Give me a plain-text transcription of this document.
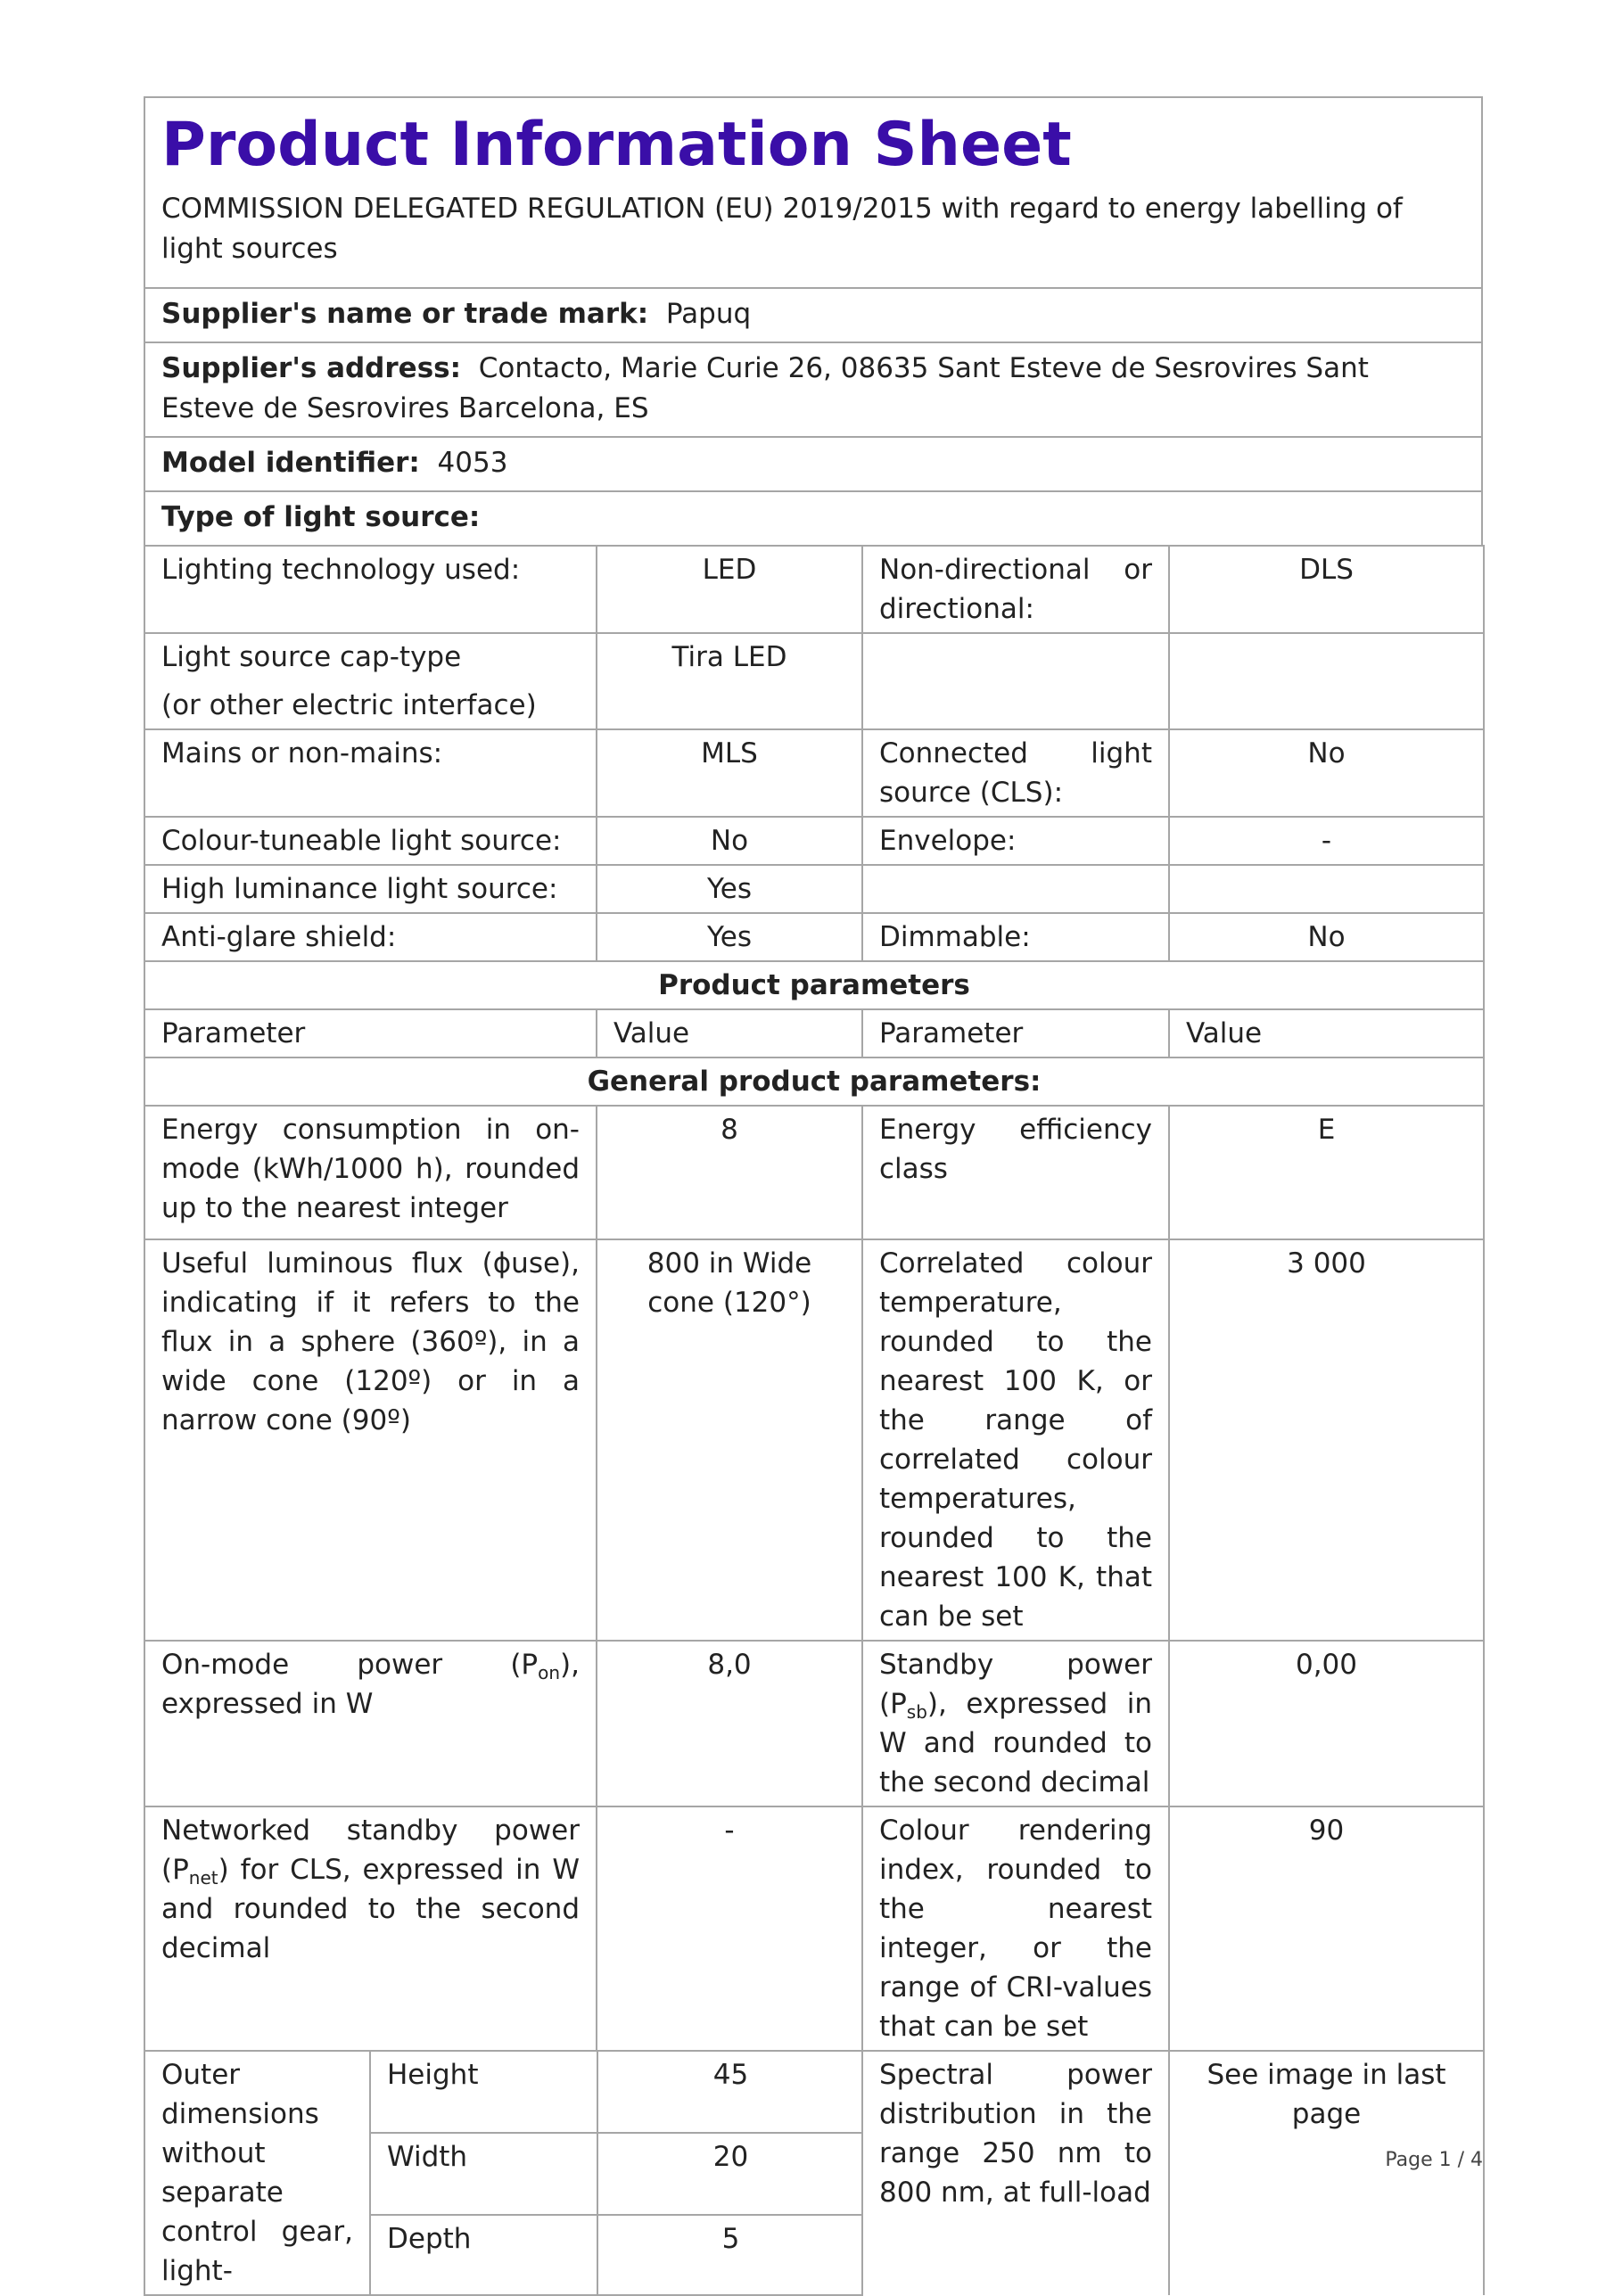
Product Information Sheet
COMMISSION DELEGATED REGULATION (EU) 2019/2015 with regard to energy labelling of light sources
Supplier's name or trade mark: Papuq
Supplier's address: Contacto, Marie Curie 26, 08635 Sant Esteve de Sesrovires Sant Esteve de Sesrovires Barcelona, ES
Model identifier: 4053
Type of light source:
Lighting technology used:	LED	Non-directional or directional:	DLS

Light source cap-type
(or other electric interface)
	Tira LED		
Mains or non-mains:	MLS	Connected light source (CLS):	No
Colour-tuneable light source:	No	Envelope:	-
High luminance light source:	Yes		
Anti-glare shield:	Yes	Dimmable:	No
Product parameters
Parameter	Value	Parameter	Value
General product parameters:
Energy consumption in on-mode (kWh/1000 h), rounded up to the nearest integer	8	Energy efficiency class	E
Useful luminous flux (ɸuse), indicating if it refers to the flux in a sphere (360º), in a wide cone (120º) or in a narrow cone (90º)	800 in Wide cone (120°)	Correlated colour temperature, rounded to the nearest 100 K, or the range of correlated colour temperatures, rounded to the nearest 100 K, that can be set	3 000
On-mode power $(P_{on})$, expressed in W	8,0	Standby power $(P_{sb})$, expressed in W and rounded to the second decimal	0,00
Networked standby power $(P_{net})$ for CLS, expressed in W and rounded to the second decimal	-	Colour rendering index, rounded to the nearest integer, or the range of CRI-values that can be set	90

Outer dimensions without separate control gear, light-	Height	45
Width	20
Depth	5
	Spectral power distribution in the range 250 nm to 800 nm, at full-load	See image in last page
Page 1 / 4
